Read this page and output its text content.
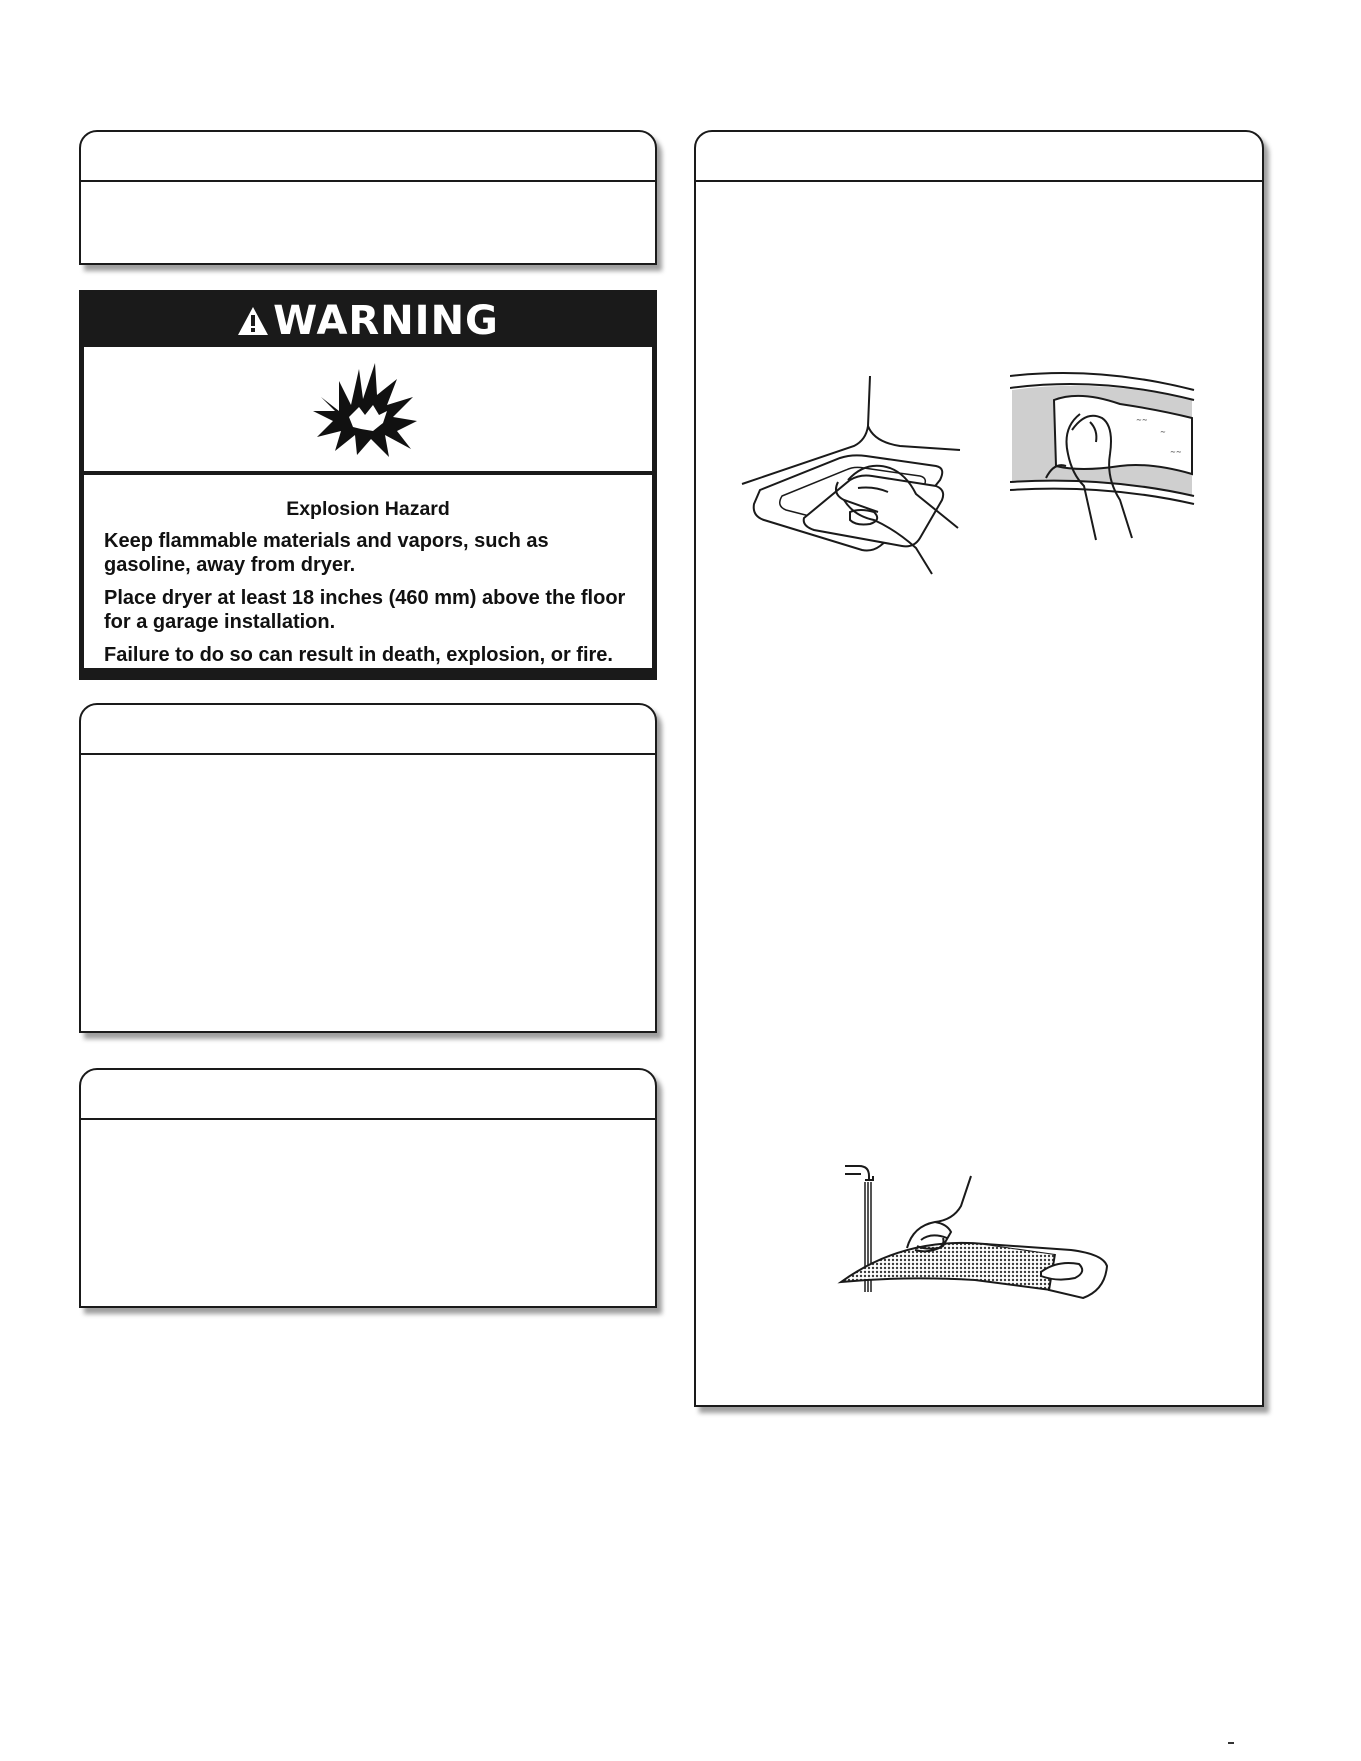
WARNING

Explosion Hazard

Keep flammable materials and vapors, such as gasoline, away from dryer.

Place dryer at least 18 inches (460 mm) above the floor for a garage installation.

Failure to do so can result in death, explosion, or fire.

∼∼
∼
∼∼
